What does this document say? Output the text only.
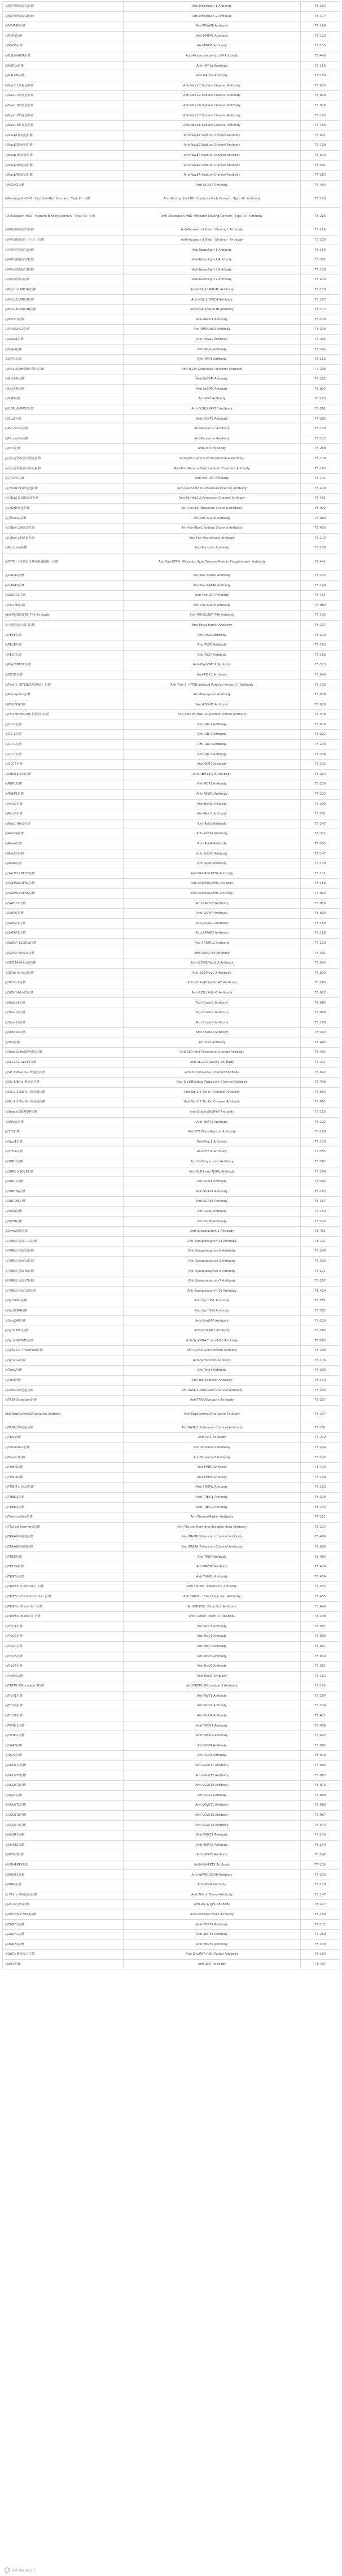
抗線粒體鈣蛋白1抗體	Anti-Mitochalin-1 Antibody	75-162
抗線粒體鈣蛋白2抗體	Anti-Mitochalin-2 Antibody	75-177
抗MIVASP抗體	Anti-MIVASP Antibody	75-168
抗MPP5抗體	Anti-MMPP5 Antibody	75-133
抗MYO5抗體	Anti-MYO5 Antibody	75-135
抗乳酸菌素O4抗體	Anti-Monocarboxylate O4 Antibody	73-440
抗NSP1a抗體	Anti-NPP1a Antibody	73-156
抗NALCN抗體	Anti-NALCN Antibody	73-159
抗Nav1.1鈉通道抗體	Anti-Nav1.1 Sodium Channel Antibody	75-023
抗Nav1.2鈉通道抗體	Anti-Nav1.2 Sodium Channel Antibody	75-024
抗Nav1.6鈉通道抗體	Anti-Nav1.6 Sodium Channel Antibody	75-026
抗Nav1.7鈉通道抗體	Anti-Nav1.7 Sodium Channel Antibody	75-103
抗Nav1.8鈉通道抗體	Anti-Nav1.8 Sodium Channel Antibody	75-166
抗Navβ1鈉通道抗體	Anti-Navβ1 Sodium Channel Antibody	75-421
抗Navβ2鈉通道抗體	Anti-Navβ2 Sodium Channel Antibody	75-190
抗Navβ4鈉通道抗體	Anti-Navβ4 Sodium Channel Antibody	75-079
抗Navβ4鈉通道抗體	Anti-Navβ4 Sodium Channel Antibody	75-201
抗Navβ4鈉通道抗體	Anti-Navβ4 Sodium Channel Antibody	75-263
抗NCKX2抗體	Anti-NCKX4 Antibody	75-404
抗Neuregulin-CRD（Cysteine-Rich Domain，Type III）抗體	Anti-Neuregulin-CRD（Cysteine-Rich Domain，Type III）Antibody	75-220
抗Neuregulin-HBD（Heparin Binding Domain，Type I/II）抗體	Anti-Neuregulin-HBD（Heparin Binding Domain，Type I/II）Antibody	75-225
抗神經調節蛋白1抗體	Anti-Neurexin-1 Beta（Binding）Antibody	75-216
抗神經調節蛋白（全長）抗體	Anti-Neurexin-1 Beta（Binding）Antibody	73-216
抗神經連接蛋白1抗體	Anti-Neuroligin-1 Antibody	75-160
抗神經連接蛋白2抗體	Anti-Neuroligin-2 Antibody	75-301
抗神經連接蛋白3抗體	Anti-Neuroligin-3 Antibody	75-158
抗神經絲蛋白抗體	Anti-Neuroligin-7 Antibody	75-410
抗NGL-1/LRRC4C抗體	Anti-NGL-1/LRRC4C Antibody	75-178
抗NGL-2/LRRC4抗體	Anti-NGL-2/LRRC4 Antibody	75-167
抗NGL-3/LRRC4B抗體	Anti-NGL-3/LRRC4B Antibody	75-177
抗NKCC1抗體	Anti-NKCC1 Antibody	75-229
抗NMDUNC3抗體	Anti-NMDUNC3 Antibody	75-239
抗Nova1抗體	Anti-Nova1 Antibody	75-205
抗Nppa抗體	Anti-Nppa Antibody	75-345
抗NPY1抗體	Anti-NPY1 Antibody	75-163
抗NR1 2A2B受體亞單位抗體	Anti-NR2A Glutamate Receptor Antibody	73-203
抗NrCAM抗體	Anti-NrCAM Antibody	75-205
抗NrCAM抗體	Anti-NrCAM Antibody	75-032
抗NSF抗體	Anti-NSF Antibody	75-223
抗OCRL/INPP5F抗體	Anti-OCRL/INPP5F Antibody	75-261
抗Orp3抗體	Anti-OSBP3 Antibody	75-255
抗Pancortin抗體	Anti-Pancortin Antibody	75-130
抗Pancortin抗體	Anti-Pancortin Antibody	75-112
抗Par3抗體	Anti-Par3 Antibody	75-288
抗泛γ-原鈣黏蛋白恆定抗體	Anti-Pan-Gamma Protocadherin A Antibody	75-178
抗泛γ-原鈣黏蛋白恆定抗體	Anti-Pan-Gamma Protocadherin Constant Antibody	75-185
抗泛-GFP抗體	Anti-Pan-GFP Antibody	75-131
抗泛SCN7 Ki鉀通道抗體	Anti-Pan-SCN7 Ki Potassium Channel Antibody	75-419
抗泛Kir2.X Ki鉀通道抗體	Anti-Pan-Kir2.X Potassium Channel Antibody	75-431
抗泛Kv鉀通道抗體	Anti-Pan-Kv Potassium Channel Antibody	75-032
抗泛Shank抗體	Anti-Pan-Shank Antibody	75-089
抗泛Nav 1鈉通道抗體	Anti-Pan-Nav1 Sodium Channel Antibody	75-405
抗泛Nav 1鈉通道抗體	Anti-Pan-Neurofascin Antibody	75-172
抗Periostin抗體	Anti-Periostin Antibody	75-130
抗PTPRi（受體蛋白酪氨酸磷酸酶）抗體	Anti-Pan-PTPRi（Receptor-Type Tyrosine-Protein Phosphatase）Antibody	75-441
抗GAP43抗體	Anti-Pan-SAPAP Antibody	75-145
抗GAP43抗體	Anti-Pan-SAPAP Antibody	75-149
抗SAP102抗體	Anti-Pan-SAP Antibody	75-151
抗PSD-95抗體	Anti-Pan-Shank Antibody	75-089
Anti-PARS5/ZNF-746 Antibody	Anti-PARS5/ZNF-746 Antibody	75-195
抗小腦鈣結合蛋白抗體	Anti-Parvalbumin Antibody	75-157
抗PEX5抗體	Anti-PEX5 Antibody	75-210
抗PEX6抗體	Anti-PEX6 Antibody	75-163
抗PEX7抗體	Anti-PEX7 Antibody	75-158
抗PhyH/PAHX抗體	Anti-PhyH/PAHX Antibody	75-313
抗PICK1抗體	Anti-PICK1 Antibody	75-040
抗Pink-1（PTEN誘導激酶1）抗體	Anti-Pink-1（PTEN Induced Putative Kinase 1）Antibody	75-136
抗Prosaposin抗體	Anti-Prosaposin Antibody	75-074
抗PSD-95抗體	Anti-PSD-95 Antibody	75-028
抗PSD-95 MAGUK支架蛋白抗體	Anti-PSD-95 MAGUK Scaffold Protein Antibody	75-348
抗QD-1抗體	Anti-QD-1 Antibody	75-010
抗QD-2抗體	Anti-QD-2 Antibody	75-212
抗QD-3抗體	Anti-QD-3 Antibody	75-213
抗QD-7抗體	Anti-QD-7 Antibody	75-216
抗QDT7抗體	Anti-QDT7 Antibody	75-215
抗RBM13/ST5抗體	Anti-RBM13/ST5 Antibody	75-224
抗RBP1抗體	Anti-RBP1 Antibody	75-216
抗REEP1抗體	Anti-REEP1 Antibody	75-222
抗Reln2抗體	Anti-Reln2 Antibody	75-203
抗Reln3抗體	Anti-Reln3 Antibody	75-201
抗Rab1 Hist3抗體	Anti-Rab1 Antibody	75-247
抗Rab3A抗體	Anti-Rab3A Antibody	75-311
抗Rab4抗體	Anti-Rab4 Antibody	75-285
抗Rab5C抗體	Anti-Rab5C Antibody	75-147
抗Rab6抗體	Anti-Rab6 Antibody	75-138
抗SALM1/LRFN2抗體	Anti-SALM1/LRFN2 Antibody	75-121
抗SALM2/LRFN1抗體	Anti-SALM2/LRFN1 Antibody	75-158
抗SALM5/LRFN5抗體	Anti-SALM5/LRFN5 Antibody	75-094
抗SAP102抗體	Anti-SAP102 Antibody	75-058
抗SAP97抗體	Anti-SAP97 Antibody	75-030
抗SAPAP1抗體	Anti-SAPAP1 Antibody	75-158
抗SAPAP3抗體	Anti-SAPAP3 Antibody	75-156
抗SAPAP 120KDa抗體	Anti-SAPAP12 Antibody	75-220
抗SAPAP 80KDa抗體	Anti-SAPAP 80 Antibody	75-201
抗SCN3A-IA Hst3抗體	Anti-SCN3A/Nav1.3 Antibody	75-045
抗SC3A-IA Hst3抗體	Anti-SC3/Nav1.3 Antibody	75-033
抗SCI5a-L抗體	Anti-SCI5a/Ubiquilin A2 Antibody	75-203
抗SCN 1A/Hst3抗體	Anti-SCN 1A/Hst3 Antibody	75-022
抗Shank1抗體	Anti-Shank1 Antibody	75-089
抗Shank2抗體	Anti-Shank2 Antibody	75-088
抗Shank3抗體	Anti-Shank3 Antibody	75-109
抗Shank3抗體	Anti-Shank3 Antibody	75-344
抗SK2抗體	Anti-SK2 Antibody	75-403
抗Shank2 Hst3鉀通道抗體	Anti-SK2 Hst3 Potassium Channel Antibody	75-401
抗SLC2A1/GLUT1抗體	Anti-SLC2A1/GLUT1 Antibody	75-211
抗Slo 1 Maxi K+ 鉀通道抗體	Anti-Slo1 Maxi K+ Channel Antibody	75-022
抗Slo 1/BK α 鉀通道抗體	Anti-Slo1/BKalpha Potassium Channel Antibody	75-408
抗Slo 2.2 Slo K+ 鉀通道抗體	Anti-Slo 2.2 Slo K+ Channel Antibody	75-053
抗Slo 2.2 Slo K+ 鉀通道抗體	Anti-Slo 2.2 Slo K+ Channel Antibody	75-051
抗Snapin/SNAPAP抗體	Anti-Snapin/SNAPAP Antibody	75-155
抗SPARC抗體	Anti-SNAT1 Antibody	75-122
抗STE抗體	Anti-STE/Transthyretin Antibody	75-160
抗Stac1抗體	Anti-Stac1 Antibody	75-118
抗STE-A抗體	Anti-STE-A Antibody	73-255
抗SUR 1抗體	Anti-Sulfonylurea-1 Antibody	75-267
抗SUR1 NSGVR抗體	Anti-SUR1 and NSGV Antibody	75-254
抗SUR 1抗體	Anti-SUR1 Antibody	75-302
抗SUR 2A抗體	Anti-SUR2A Antibody	75-163
抗SUR 2B抗體	Anti-SUR2B Antibody	75-167
抗SV2A抗體	Anti-SV2A Antibody	75-150
抗SV2B抗體	Anti-SV2B Antibody	75-222
抗SynGAP1抗體	Anti-Synaptojanin-1 Antibody	75-491
抗突觸結合蛋白-13抗體	Anti-Synaptotagmin-13 Antibody	75-411
抗突觸結合蛋白1抗體	Anti-Synaptotagmin-1 Antibody	75-248
抗突觸結合蛋白2抗體	Anti-Synaptotagmin-2 Antibody	75-333
抗突觸結合蛋白5抗體	Anti-Synaptotagmin-5 Antibody	75-271
抗突觸結合蛋白7抗體	Anti-Synaptotagmin-7 Antibody	75-297
抗突觸結合蛋白10抗體	Anti-Synaptotagmin-10 Antibody	75-420
抗SynDIG1抗體	Anti-SynDIG1 Antibody	75-251
抗SynDIG4抗體	Anti-SynDIG4 Antibody	75-202
抗SynGAP抗體	Anti-SynGAP Antibody	75-310
抗SynCAM1抗體	Anti-SynCAM1 Antibody	75-262
抗Syn2G/TSMC抗體	Anti-SynDIG4/TmemA-90 Antibody	75-262
抗Syn2G/1 Tmem90b抗體	Anti-SynDIG1/Tmem90b Antibody	75-230
抗Syn2G4抗體	Anti-Syntaphilin Antibody	75-126
抗Tafa1抗體	Anti-Tafa1 Antibody	75-306
抗Talin抗體	Anti-Talin/Zonulin Antibody	75-113
抗TASK-1鉀通道抗體	Anti-TASK-1 Potassium Channel Antibody	75-203
抗TARP/Stargazin抗體	Anti-TARP/Stargazin Antibody	75-227
Anti-TarpGamma2/Stargazin Antibody	Anti-TarpGamma2/Stargazin Antibody	75-227
抗TASK-1鉀通道抗體	Anti-TASK-1 Potassium Channel Antibody	75-201
抗Tbr1抗體	Anti-Tbr1 Antibody	75-212
抗Teneurin-1抗體	Anti-Teneurin-1 Antibody	75-244
抗Tenm-2抗體	Anti-Teneurin-2 Antibody	75-247
抗TMEM抗體	Anti-TMEM Antibody	75-413
抗TMEM抗體	Anti-TMEM Antibody	75-199
抗TMEM-1 Hst3抗體	Anti-TMEM2 Antibody	75-103
抗TREK-1抗體	Anti-TREK-1 Antibody	75-316
抗TREK-2抗體	Anti-TREK-2 Antibody	75-442
抗Thermocline抗體	Anti-ThermoMarker Antibody	75-221
抗Thyroid Hormone抗體	Anti-Thyroid Hormone Receptor Beta Antibody	75-224
抗TRAAK鉀通道抗體	Anti-TRAAK Potassium Channel Antibody	75-480
抗TRAAK鉀通道抗體	Anti-TRAAK Potassium Channel Antibody	75-492
抗TREK抗體	Anti-TREK Antibody	75-462
抗TRESK抗體	Anti-TRESK Antibody	75-479
抗TRIP8b抗體	Anti-TRIP8b Antibody	75-454
抗TRIP8b（Constant）抗體	Anti-TRIP8b（Constant）Antibody	75-445
抗TRIP8b（Exon 1b-2, 5a）抗體	Anti-TRIP8b（Exon 1b-2, 5a）Antibody	75-455
抗TRIP8b（Exon 5a）抗體	Anti-TRIP8b（Exon 5a）Antibody	75-446
抗TRIP8b（Exon 4）抗體	Anti-TRIP8b（Exon 4）Antibody	75-448
抗TrpC1抗體	Anti-TrpC1 Antibody	75-001
抗TrpC3抗體	Anti-TrpC3 Antibody	75-008
抗TrpC4抗體	Anti-TrpC4 Antibody	75-011
抗TrpC5抗體	Anti-TrpC5 Antibody	75-014
抗TrpC6抗體	Anti-TrpC6 Antibody	75-001
抗TrpM1抗體	Anti-TrpM1 Antibody	75-152
抗TRPML3/Mucolipin 3抗體	Anti-TRPML3/Mucolipin 3 Antibody	75-185
抗TrpV1抗體	Anti-TrpV1 Antibody	75-254
抗TrpV2抗體	Anti-TrpV2 Antibody	75-234
抗TrpV4抗體	Anti-TrpV4 Antibody	75-421
抗TWIK-1抗體	Anti-TWIK-1 Antibody	75-408
抗TWIK-2抗體	Anti-TWIK-2 Antibody	75-402
抗VGAT抗體	Anti-VGAT Antibody	75-005
抗VGAT抗體	Anti-VGAT Antibody	75-010
抗VGLUT1抗體	Anti-VGLUT1 Antibody	75-066
抗VGLUT2抗體	Anti-VGLUT2 Antibody	75-067
抗VGLUT3抗體	Anti-VGLUT3 Antibody	75-073
抗VGAT抗體	Anti-VGAT Antibody	75-009
抗VGLUT1抗體	Anti-VGLUT1 Antibody	75-066
抗VGLUT2抗體	Anti-VGLUT2 Antibody	75-067
抗VGLUT3抗體	Anti-VGLUT3 Antibody	75-073
抗VMAT1抗體	Anti-VMAT1 Antibody	75-143
抗VMAT2抗體	Anti-VMAT2 Antibody	75-144
抗VPS35抗體	Anti-VPS35 Antibody	75-242
抗VSV-PRTX抗體	Anti-VSV-PRTX Antibody	75-236
抗WAVE1抗體	Anti-WAVE1/SCAR Antibody	75-223
抗WRN抗體	Anti-WRN Antibody	75-170
抗 Wilms 腫瘤蛋白抗體	Anti-Wilms' Tumor Antibody	75-147
抗ZO-1/TJP1抗體	Anti-ZO-1/TJP1 Antibody	75-417
抗ZnT3/SLC30A3抗體	Anti-ZnT3/SLC30A3 Antibody	75-189
抗ZNRF1抗體	Anti-ZNRF1 Antibody	75-172
抗ZNRF1抗體	Anti-ZNRF1 Antibody	75-250
抗ZNRF2抗體	Anti-ZNRF2 Antibody	75-338
抗ZnT3 轉運蛋白抗體	Anti-ZincRNA PXO Marker Antibody	75-184
抗ZIP1抗體	Anti-ZIP1 Antibody	75-407
头条 @百阳化工
